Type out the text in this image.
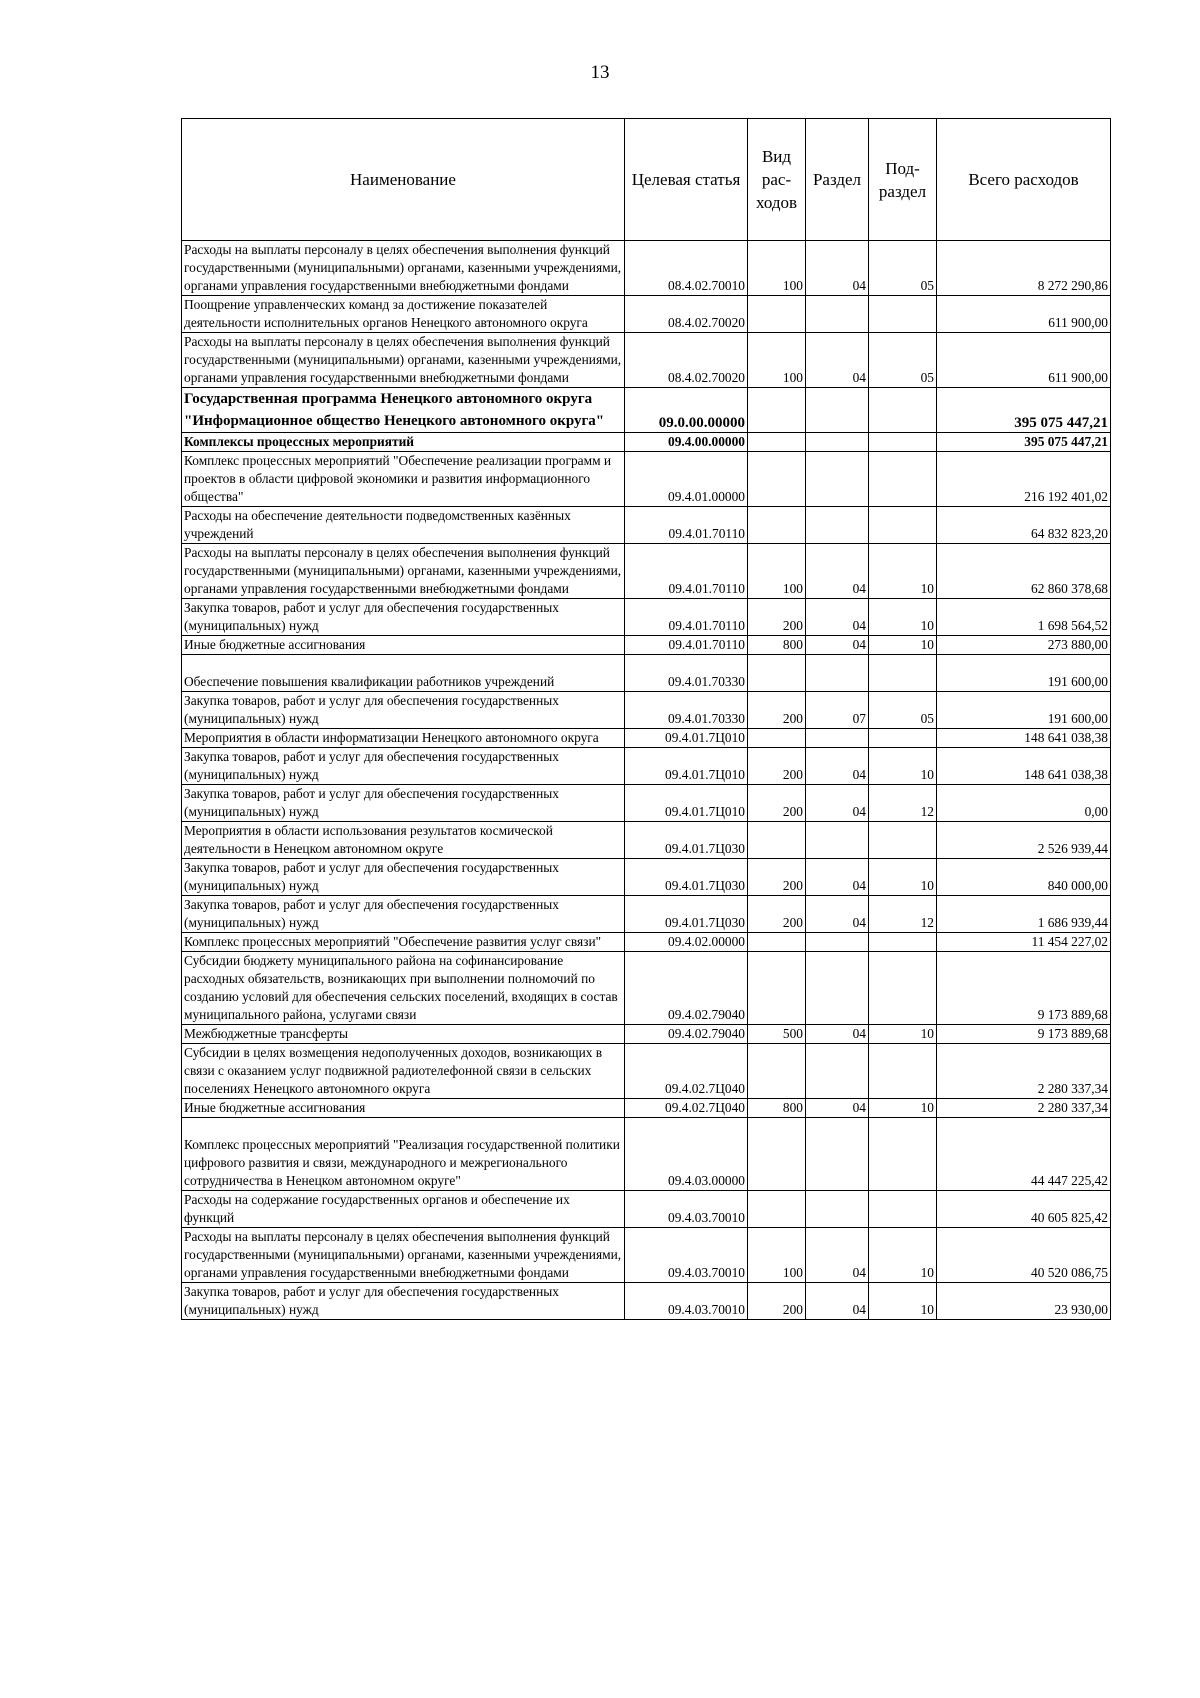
13
Наименование	Целевая статья	Вид
рас-
ходов	Раздел	Под-
раздел	Всего расходов
Расходы на выплаты персоналу в целях обеспечения выполнения функций государственными (муниципальными) органами, казенными учреждениями, органами управления государственными внебюджетными фондами	08.4.02.70010	100	04	05	8 272 290,86
Поощрение управленческих команд за достижение показателей деятельности исполнительных органов Ненецкого автономного округа	08.4.02.70020				611 900,00
Расходы на выплаты персоналу в целях обеспечения выполнения функций государственными (муниципальными) органами, казенными учреждениями, органами управления государственными внебюджетными фондами	08.4.02.70020	100	04	05	611 900,00
Государственная программа Ненецкого автономного округа "Информационное общество Ненецкого автономного округа"	09.0.00.00000				395 075 447,21
Комплексы процессных мероприятий	09.4.00.00000				395 075 447,21
Комплекс процессных мероприятий "Обеспечение реализации программ и проектов в области цифровой экономики и развития информационного общества"	09.4.01.00000				216 192 401,02
Расходы на обеспечение деятельности подведомственных казённых учреждений	09.4.01.70110				64 832 823,20
Расходы на выплаты персоналу в целях обеспечения выполнения функций государственными (муниципальными) органами, казенными учреждениями, органами управления государственными внебюджетными фондами	09.4.01.70110	100	04	10	62 860 378,68
Закупка товаров, работ и услуг для обеспечения государственных (муниципальных) нужд	09.4.01.70110	200	04	10	1 698 564,52
Иные бюджетные ассигнования	09.4.01.70110	800	04	10	273 880,00
Обеспечение повышения квалификации работников учреждений	09.4.01.70330				191 600,00
Закупка товаров, работ и услуг для обеспечения государственных (муниципальных) нужд	09.4.01.70330	200	07	05	191 600,00
Мероприятия в области информатизации Ненецкого автономного округа	09.4.01.7Ц010				148 641 038,38
Закупка товаров, работ и услуг для обеспечения государственных (муниципальных) нужд	09.4.01.7Ц010	200	04	10	148 641 038,38
Закупка товаров, работ и услуг для обеспечения государственных (муниципальных) нужд	09.4.01.7Ц010	200	04	12	0,00
Мероприятия в области использования результатов космической деятельности в Ненецком автономном округе	09.4.01.7Ц030				2 526 939,44
Закупка товаров, работ и услуг для обеспечения государственных (муниципальных) нужд	09.4.01.7Ц030	200	04	10	840 000,00
Закупка товаров, работ и услуг для обеспечения государственных (муниципальных) нужд	09.4.01.7Ц030	200	04	12	1 686 939,44
Комплекс процессных мероприятий "Обеспечение развития услуг связи"	09.4.02.00000				11 454 227,02
Субсидии бюджету муниципального района на софинансирование расходных обязательств, возникающих при выполнении полномочий по созданию условий для обеспечения сельских поселений, входящих в состав муниципального района, услугами связи	09.4.02.79040				9 173 889,68
Межбюджетные трансферты	09.4.02.79040	500	04	10	9 173 889,68
Субсидии в целях возмещения недополученных доходов, возникающих в связи с оказанием услуг подвижной радиотелефонной связи в сельских поселениях Ненецкого автономного округа	09.4.02.7Ц040				2 280 337,34
Иные бюджетные ассигнования	09.4.02.7Ц040	800	04	10	2 280 337,34
Комплекс процессных мероприятий "Реализация государственной политики цифрового развития и связи, международного и межрегионального сотрудничества в Ненецком автономном округе"	09.4.03.00000				44 447 225,42
Расходы на содержание государственных органов и обеспечение их функций	09.4.03.70010				40 605 825,42
Расходы на выплаты персоналу в целях обеспечения выполнения функций государственными (муниципальными) органами, казенными учреждениями, органами управления государственными внебюджетными фондами	09.4.03.70010	100	04	10	40 520 086,75
Закупка товаров, работ и услуг для обеспечения государственных (муниципальных) нужд	09.4.03.70010	200	04	10	23 930,00
